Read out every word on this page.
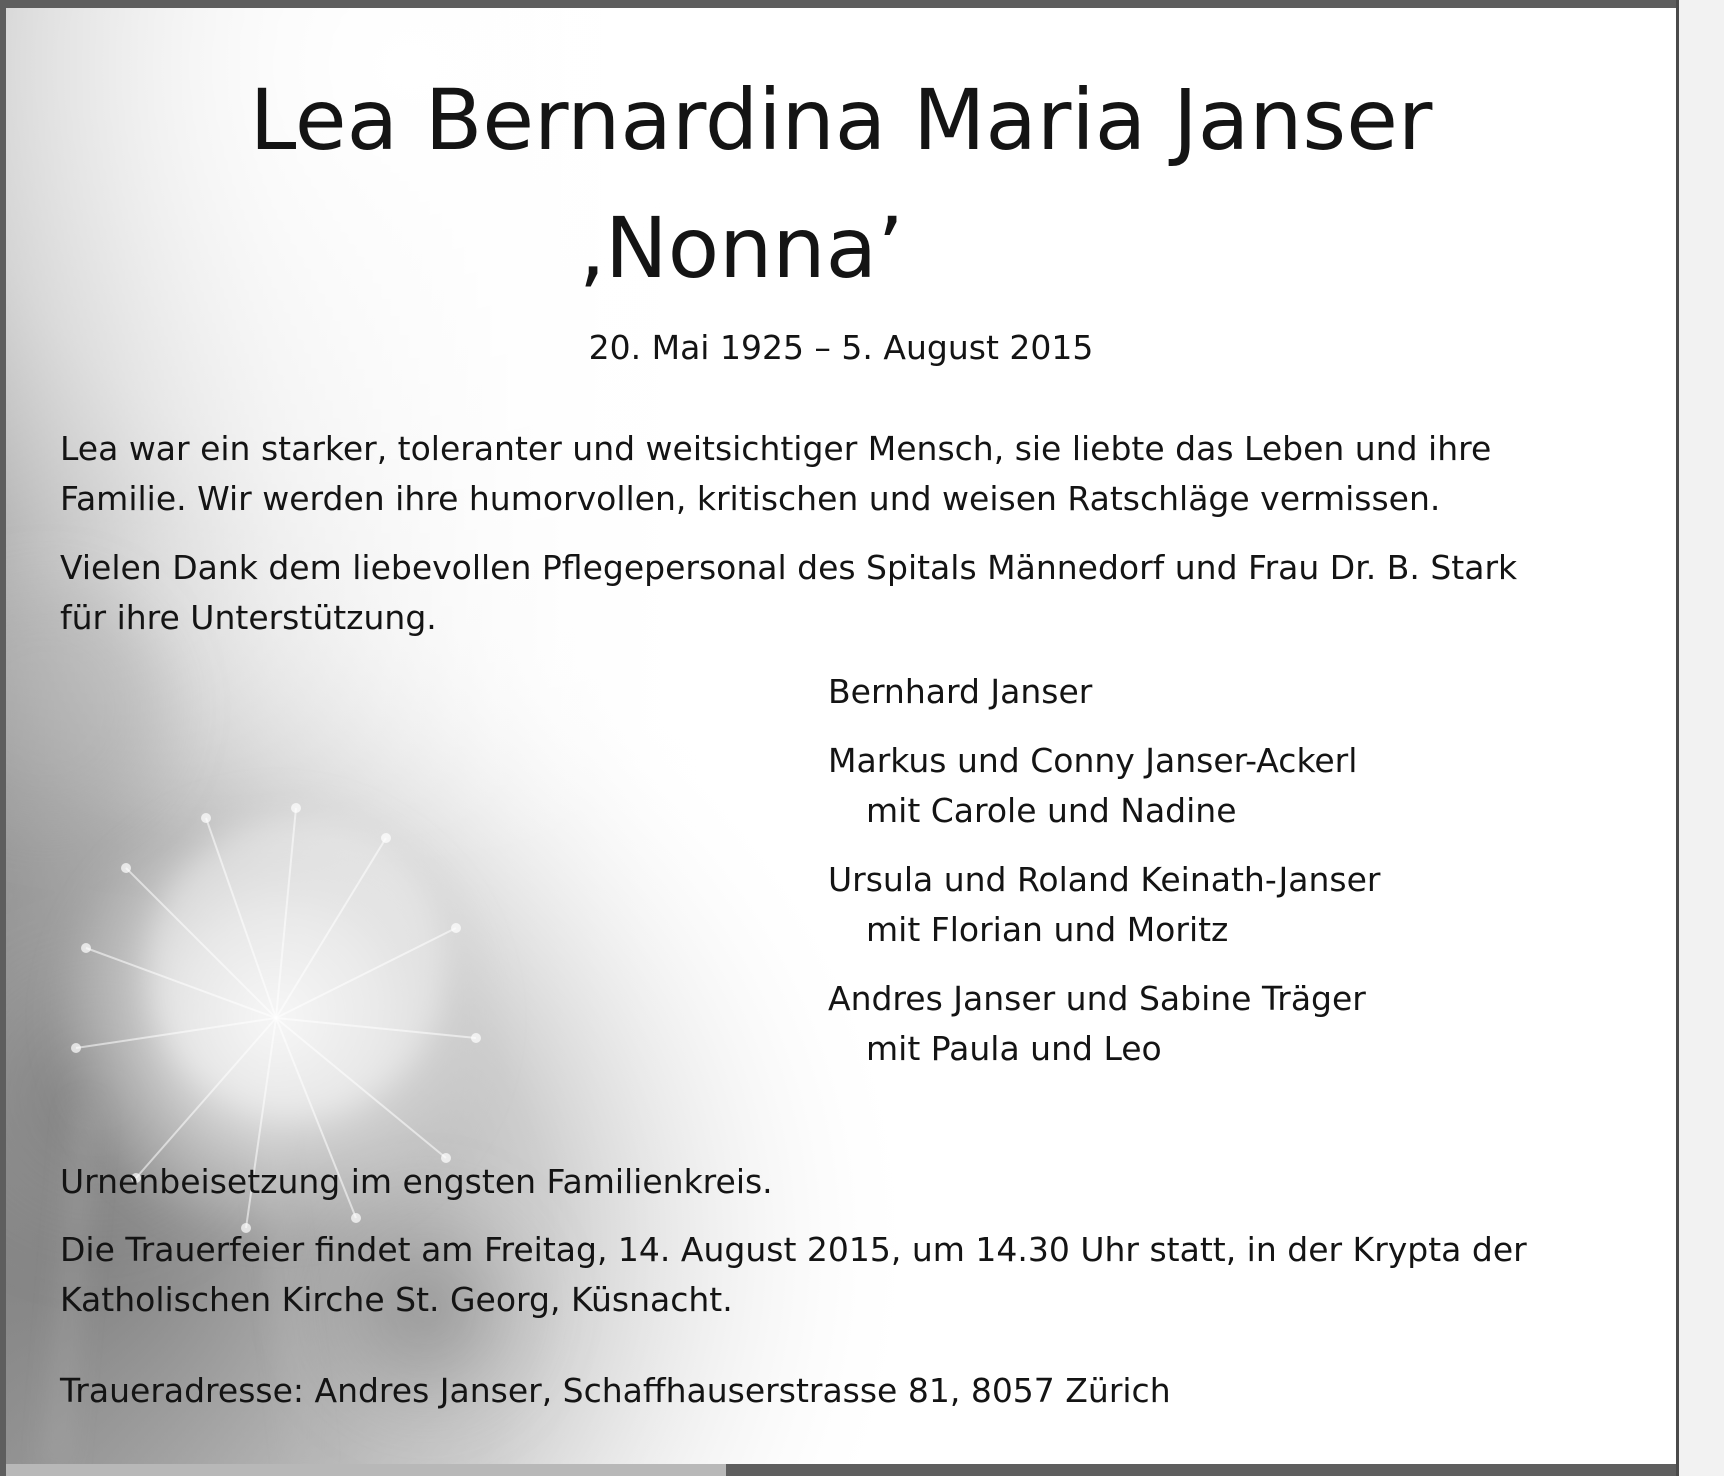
Lea Bernardina Maria Janser
‚Nonna’
20. Mai 1925 – 5. August 2015
Lea war ein starker, toleranter und weitsichtiger Mensch, sie liebte das Leben und ihre
Familie. Wir werden ihre humorvollen, kritischen und weisen Ratschläge vermissen.
Vielen Dank dem liebevollen Pflegepersonal des Spitals Männedorf und Frau Dr. B. Stark
für ihre Unterstützung.
Bernhard Janser
Markus und Conny Janser-Ackerl
mit Carole und Nadine
Ursula und Roland Keinath-Janser
mit Florian und Moritz
Andres Janser und Sabine Träger
mit Paula und Leo
Urnenbeisetzung im engsten Familienkreis.
Die Trauerfeier findet am Freitag, 14. August 2015, um 14.30 Uhr statt, in der Krypta der
Katholischen Kirche St. Georg, Küsnacht.
Traueradresse: Andres Janser, Schaffhauserstrasse 81, 8057 Zürich
